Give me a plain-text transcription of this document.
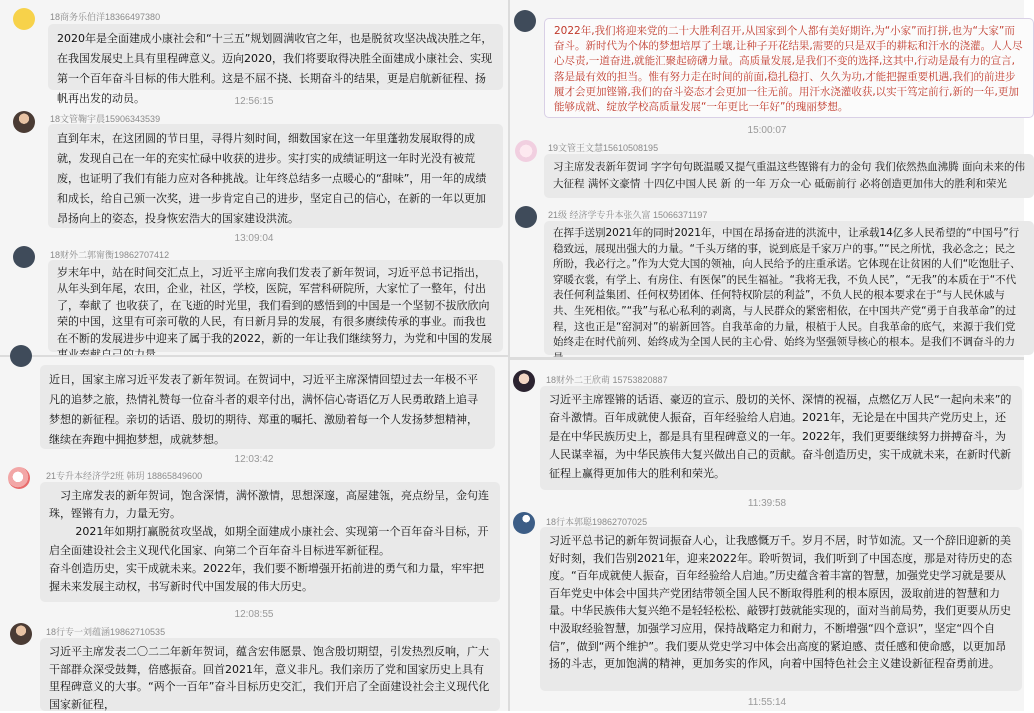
18商务乐伯洋18366497380
2020年是全面建成小康社会和“十三五”规划圆满收官之年，也是脱贫攻坚决战决胜之年，在我国发展史上具有里程碑意义。迈向2020，我们将要取得决胜全面建成小康社会、实现第一个百年奋斗目标的伟大胜利。这是不屈不挠、长期奋斗的结果，更是启航新征程、扬帆再出发的动员。	12:56:15
18文管鞠宇晨15906343539
直到年末，在这团圆的节日里，寻得片刻时间，细数国家在这一年里蓬勃发展取得的成就，发现自己在一年的充实忙碌中收获的进步。实打实的成绩证明这一年时光没有被荒废，也证明了我们有能力应对各种挑战。让年终总结多一点暖心的“甜味”，用一年的成绩和成长，给自己颁一次奖，进一步肯定自己的进步，坚定自己的信心，在新的一年以更加昂扬向上的姿态，投身恢宏浩大的国家建设洪流。
13:09:04
18财外二郭甯衡19862707412
岁末年中，站在时间交汇点上，习近平主席向我们发表了新年贺词，习近平总书记指出，从年头到年尾，农田，企业，社区，学校，医院，军营科研院所，大家忙了一整年，付出了，奉献了 也收获了，在飞逝的时光里，我们看到的感悟到的中国是一个坚韧不拔欣欣向荣的中国，这里有可亲可敬的人民，有日新月异的发展，有很多赓续传承的事业。而我也在不断的发展进步中迎来了属于我的2022，新的一年让我们继续努力，为党和中国的发展
近日，国家主席习近平发表了新年贺词。在贺词中，习近平主席深情回望过去一年极不平凡的追梦之旅，热情礼赞每一位奋斗者的艰辛付出，满怀信心寄语亿万人民勇敢踏上追寻梦想的新征程。亲切的话语、殷切的期待、郑重的嘱托、激励着每一个人发扬梦想精神，继续在奔跑中拥抱梦想，成就梦想。
12:03:42
21专升本经济学2班 韩玥 18865849600
习主席发表的新年贺词，饱含深情，满怀激情，思想深邃，高屋建瓴，亮点纷呈，金句连珠，铿锵有力，力量无穷。
2021年如期打赢脱贫攻坚战，如期全面建成小康社会、实现第一个百年奋斗目标，开启全面建设社会主义现代化国家、向第二个百年奋斗目标进军新征程。
奋斗创造历史，实干成就未来。2022年，我们要不断增强开拓前进的勇气和力量，牢牢把握未来发展主动权，书写新时代中国发展的伟大历史。
12:08:55
18行专一刘蕴涵19862710535
习近平主席发表二〇二二年新年贺词，蕴含宏伟愿景、饱含殷切期望，引发热烈反响，广大干部群众深受鼓舞，倍感振奋。回首2021年，意义非凡。我们亲历了党和国家历史上具有里程碑意义的大事。“两个一百年”奋斗目标历史交汇，我们开启了全面建设社会主义现代化国家新征程，
2022年,我们将迎来党的二十大胜利召开,从国家到个人都有美好期许,为“小家”而打拼,也为“大家”而奋斗。新时代为个体的梦想培厚了土壤,让种子开花结果,需要的只是双手的耕耘和汗水的浇灌。人人尽心尽责,一道奋进,就能汇聚起磅礴力量。高质量发展,是我们不变的选择,这其中,行动是最有力的宣言,落是最有效的担当。惟有努力走在时间的前面,稳扎稳打、久久为功,才能把握重要机遇,我们的前进步履才会更加铿锵,我们的奋斗姿态才会更加一往无前。用汗水浇灌收获,以实干笃定前行,新的一年,更加能够成就、绽放学校高质量发展“一年更比一年好”的瑰丽梦想。
15:00:07
19文管王文慧15610508195
习主席发表新年贺词 字字句句既温暖又提气重温这些铿锵有力的金句 我们依然热血沸腾 面向未来的伟大征程 满怀文豪情 十四亿中国人民 新 的一年 万众一心 砥砺前行 必将创造更加伟大的胜利和荣光
21级 经济学专升本张久富 15066371197
在挥手送别2021年的同时2021年，中国在昂扬奋进的洪流中，让承载14亿多人民希望的“中国号”行稳致远，展现出强大的力量。“千头万绪的事，说到底是千家万户的事。”“民之所忧，我必念之；民之所盼，我必行之。”作为大党大国的领袖，向人民给予的庄重承诺。它体现在让贫困的人们“吃饱肚子、穿暖衣裳，有学上、有房住、有医保”的民生福祉。“我将无我，不负人民”，“无我”的本质在于“不代表任何利益集团、任何权势团体、任何特权阶层的利益”，不负人民的根本要求在于“与人民休戚与共、生死相依。”“我”与私心私利的剥离，与人民群众的紧密相依，在中国共产党“勇于自我革命”的过程，这也正是“窑洞对”的崭新回答。自我革命的力量，根植于人民。自我革命的底气，来源于我们党始终走在时代前列、始终成为全国人民的主心骨、始终为坚强领导核心的根本。是我们不调奋斗的力
18财外二王欣萌 15753820887
习近平主席铿锵的话语、豪迈的宣示、殷切的关怀、深情的祝福，点燃亿万人民“一起向未来”的奋斗激情。百年成就使人振奋，百年经验给人启迪。2021年，无论是在中国共产党历史上，还是在中华民族历史上，都是具有里程碑意义的一年。2022年，我们更要继续努力拼搏奋斗，为人民谋幸福，为中华民族伟大复兴做出自己的贡献。奋斗创造历史，实干成就未来，在新时代新征程上赢得更加伟大的胜利和荣光。
11:39:58
18行本郭聪19862707025
习近平总书记的新年贺词振奋人心，让我感慨万千。岁月不居，时节如流。又一个辞旧迎新的美好时刻，我们告别2021年，迎来2022年。聆听贺词，我们听到了中国态度，那是对待历史的态度。“百年成就使人振奋，百年经验给人启迪。”历史蕴含着丰富的智慧，加强党史学习就是要从百年党史中体会中国共产党团结带领全国人民不断取得胜利的根本原因，汲取前进的智慧和力量。中华民族伟大复兴绝不是轻轻松松、敲锣打鼓就能实现的，面对当前局势，我们更要从历史中汲取经验智慧，加强学习应用，保持战略定力和耐力，不断增强“四个意识”，坚定“四个自信”，做到“两个维护”。我们要从党史学习中体会出高度的紧迫感、责任感和使命感，以更加昂扬的斗志，更加饱满的精神，更加务实的作风，向着中国特色社会主义建设新征程奋勇前进。
11:55:14
